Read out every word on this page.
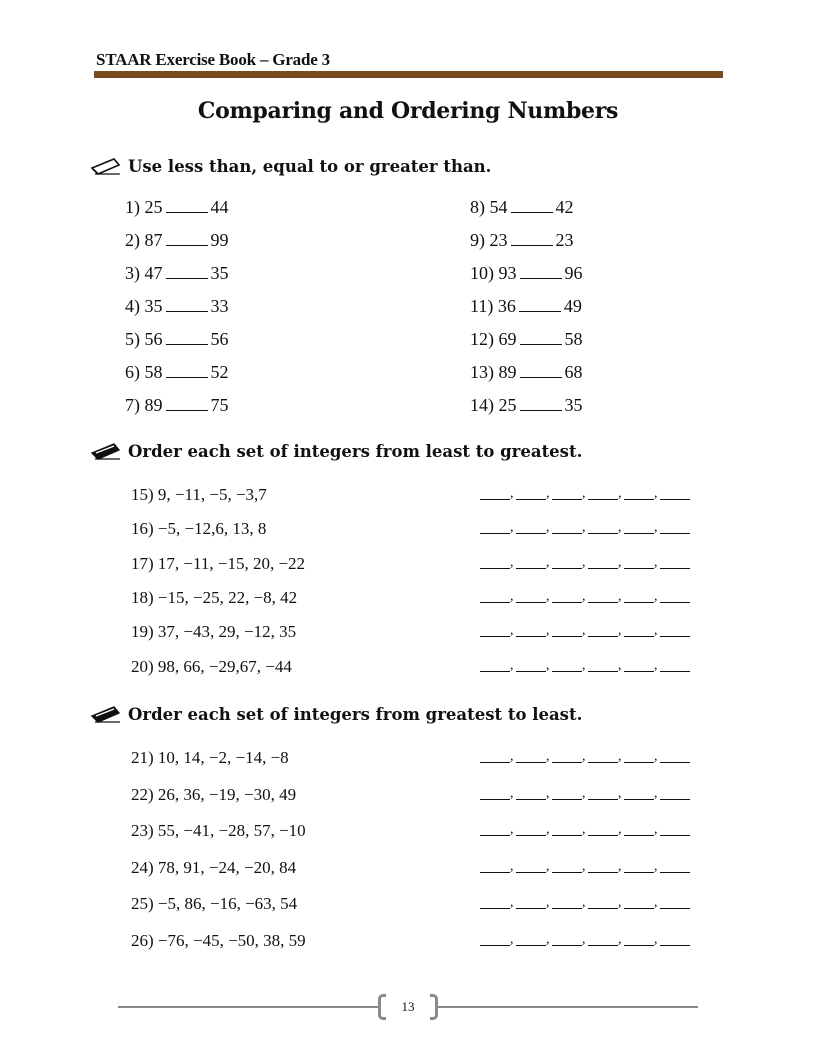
STAAR Exercise Book – Grade 3
Comparing and Ordering Numbers
Use less than, equal to or greater than.
1) 25	44
2) 87	99
3) 47	35
4) 35	33
5) 56	56
6) 58	52
7) 89	75
8) 54	42
9) 23	23
10) 93	96
11) 36	49
12) 69	58
13) 89	68
14) 25	35
Order each set of integers from least to greatest.
15) 9, −11, −5, −3,7	, , , , ,
16) −5, −12,6, 13, 8	, , , , ,
17) 17, −11, −15, 20, −22	, , , , ,
18) −15, −25, 22, −8, 42	, , , , ,
19) 37, −43, 29, −12, 35	, , , , ,
20) 98, 66, −29,67, −44	, , , , ,
Order each set of integers from greatest to least.
21) 10, 14, −2, −14, −8	, , , , ,
22) 26, 36, −19, −30, 49	, , , , ,
23) 55, −41, −28, 57, −10	, , , , ,
24) 78, 91, −24, −20, 84	, , , , ,
25) −5, 86, −16, −63, 54	, , , , ,
26) −76, −45, −50, 38, 59	, , , , ,
13
